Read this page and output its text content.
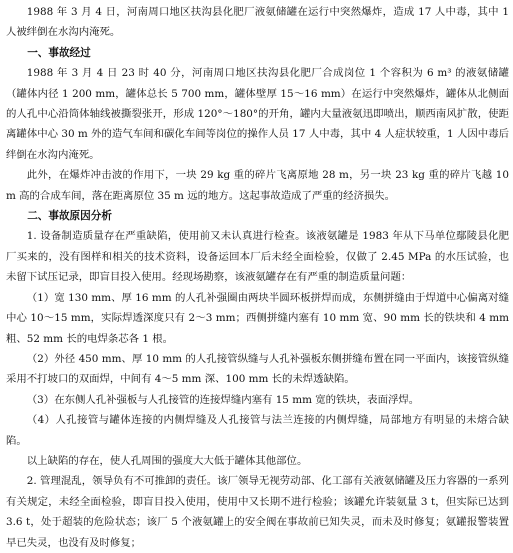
1988 年 3 月 4 日，河南周口地区扶沟县化肥厂液氨储罐在运行中突然爆炸，造成 17 人中毒，其中 1 人被绊倒在水沟内淹死。

一、事故经过

1988 年 3 月 4 日 23 时 40 分，河南周口地区扶沟县化肥厂合成岗位 1 个容积为 6 m³ 的液氨储罐（罐体内径 1 200 mm，罐体总长 5 700 mm，罐体壁厚 15～16 mm）在运行中突然爆炸，罐体从北侧面的人孔中心沿筒体轴线被撕裂张开，形成 120°～180°的开角，罐内大量液氨迅即喷出，顺西南风扩散，使距离罐体中心 30 m 外的造气车间和碳化车间等岗位的操作人员 17 人中毒，其中 4 人症状较重，1 人因中毒后绊倒在水沟内淹死。

此外，在爆炸冲击波的作用下，一块 29 kg 重的碎片飞离原地 28 m，另一块 23 kg 重的碎片飞越 10 m 高的合成车间，落在距离原位 35 m 远的地方。这起事故造成了严重的经济损失。

二、事故原因分析

1. 设备制造质量存在严重缺陷，使用前又未认真进行检查。该液氨罐是 1983 年从下马单位鄢陵县化肥厂买来的，没有图样和相关的技术资料，设备运回本厂后未经全面检验，仅做了 2.45 MPa 的水压试验，也未留下试压记录，即盲目投入使用。经现场勘察，该液氨罐存在有严重的制造质量问题：

（1）宽 130 mm、厚 16 mm 的人孔补强圈由两块半圆环板拼焊而成，东侧拼缝由于焊道中心偏离对缝中心 10～15 mm，实际焊透深度只有 2～3 mm；西侧拼缝内塞有 10 mm 宽、90 mm 长的铁块和 4 mm 粗、52 mm 长的电焊条芯各 1 根。

（2）外径 450 mm、厚 10 mm 的人孔接管纵缝与人孔补强板东侧拼缝布置在同一平面内，该接管纵缝采用不打坡口的双面焊，中间有 4～5 mm 深、100 mm 长的未焊透缺陷。

（3）在东侧人孔补强板与人孔接管的连接焊缝内塞有 15 mm 宽的铁块，表面浮焊。

（4）人孔接管与罐体连接的内侧焊缝及人孔接管与法兰连接的内侧焊缝，局部地方有明显的未熔合缺陷。

以上缺陷的存在，使人孔周围的强度大大低于罐体其他部位。

2. 管理混乱，领导负有不可推卸的责任。该厂领导无视劳动部、化工部有关液氨储罐及压力容器的一系列有关规定，未经全面检验，即盲目投入使用，使用中又长期不进行检验；该罐允许装氨量 3 t，但实际已达到 3.6 t，处于超装的危险状态；该厂 5 个液氨罐上的安全阀在事故前已知失灵，而未及时修复；氨罐报警装置早已失灵，也没有及时修复；
